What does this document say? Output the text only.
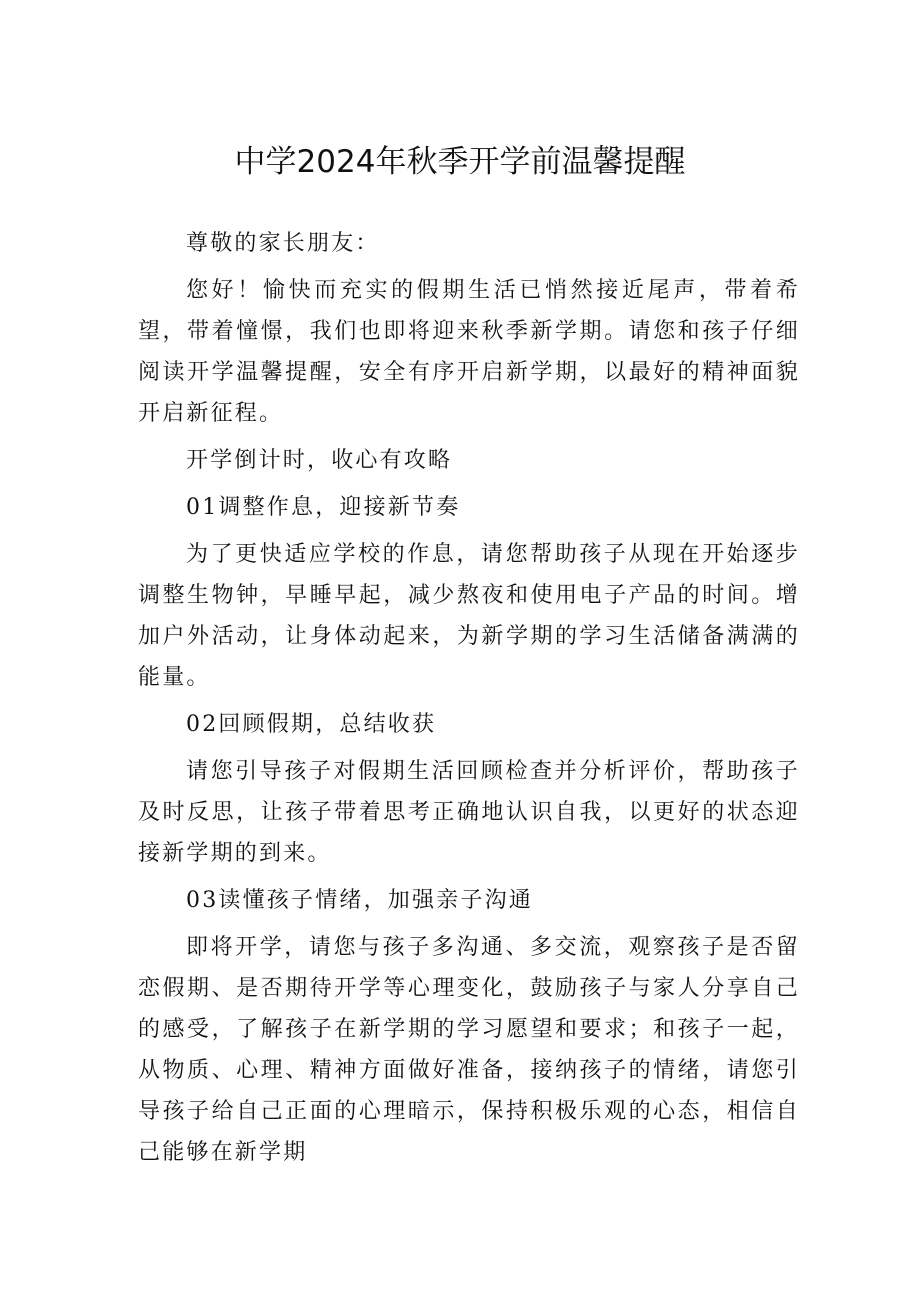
中学2024年秋季开学前温馨提醒

尊敬的家长朋友：

您好！愉快而充实的假期生活已悄然接近尾声，带着希望，带着憧憬，我们也即将迎来秋季新学期。请您和孩子仔细阅读开学温馨提醒，安全有序开启新学期，以最好的精神面貌开启新征程。

开学倒计时，收心有攻略

01调整作息，迎接新节奏

为了更快适应学校的作息，请您帮助孩子从现在开始逐步调整生物钟，早睡早起，减少熬夜和使用电子产品的时间。增加户外活动，让身体动起来，为新学期的学习生活储备满满的能量。

02回顾假期，总结收获

请您引导孩子对假期生活回顾检查并分析评价，帮助孩子及时反思，让孩子带着思考正确地认识自我，以更好的状态迎接新学期的到来。

03读懂孩子情绪，加强亲子沟通

即将开学，请您与孩子多沟通、多交流，观察孩子是否留恋假期、是否期待开学等心理变化，鼓励孩子与家人分享自己的感受，了解孩子在新学期的学习愿望和要求；和孩子一起，从物质、心理、精神方面做好准备，接纳孩子的情绪，请您引导孩子给自己正面的心理暗示，保持积极乐观的心态，相信自己能够在新学期
